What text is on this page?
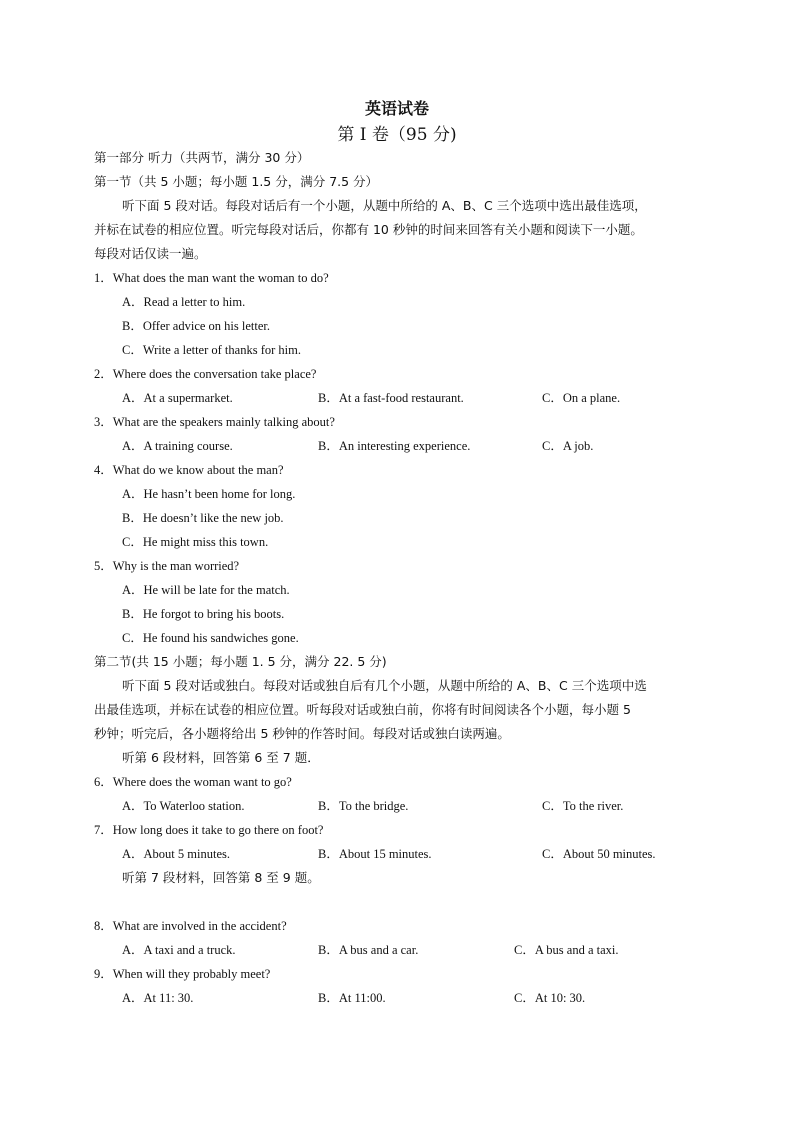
英语试卷
第 I 卷（95 分)
第一部分 听力（共两节，满分 30 分）
第一节（共 5 小题；每小题 1.5 分，满分 7.5 分）
听下面 5 段对话。每段对话后有一个小题，从题中所给的 A、B、C 三个选项中选出最佳选项，
并标在试卷的相应位置。听完每段对话后，你都有 10 秒钟的时间来回答有关小题和阅读下一小题。
每段对话仅读一遍。
1．What does the man want the woman to do?
A．Read a letter to him.
B．Offer advice on his letter.
C．Write a letter of thanks for him.
2．Where does the conversation take place?
A．At a supermarket.	B．At a fast-food restaurant.	C．On a plane.
3．What are the speakers mainly talking about?
A．A training course.	B．An interesting experience.	C．A job.
4．What do we know about the man?
A．He hasn’t been home for long.
B．He doesn’t like the new job.
C．He might miss this town.
5．Why is the man worried?
A．He will be late for the match.
B．He forgot to bring his boots.
C．He found his sandwiches gone.
第二节(共 15 小题；每小题 1. 5 分，满分 22. 5 分)
听下面 5 段对话或独白。每段对话或独自后有几个小题，从题中所给的 A、B、C 三个选项中选
出最佳选项，并标在试卷的相应位置。听每段对话或独白前，你将有时间阅读各个小题，每小题 5
秒钟；听完后，各小题将给出 5 秒钟的作答时间。每段对话或独白读两遍。
听第 6 段材料，回答第 6 至 7 题．
6．Where does the woman want to go?
A．To Waterloo station.	B．To the bridge.	C．To the river.
7．How long does it take to go there on foot?
A．About 5 minutes.	B．About 15 minutes.	C．About 50 minutes.
听第 7 段材料，回答第 8 至 9 题。
8．What are involved in the accident?
A．A taxi and a truck.	B．A bus and a car.	C．A bus and a taxi.
9．When will they probably meet?
A．At 11: 30.	B．At 11:00.	C．At 10: 30.
